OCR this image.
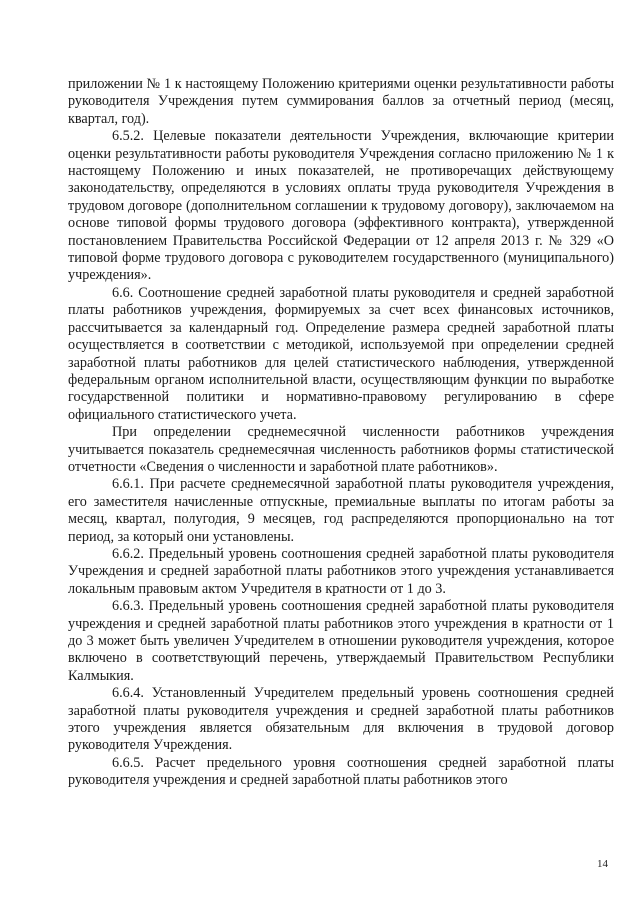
приложении № 1 к настоящему Положению критериями оценки результативности работы руководителя Учреждения путем суммирования баллов за отчетный период (месяц, квартал, год).

6.5.2. Целевые показатели деятельности Учреждения, включающие критерии оценки результативности работы руководителя Учреждения согласно приложению № 1 к настоящему Положению и иных показателей, не противоречащих действующему законодательству, определяются в условиях оплаты труда руководителя Учреждения в трудовом договоре (дополнительном соглашении к трудовому договору), заключаемом на основе типовой формы трудового договора (эффективного контракта), утвержденной постановлением Правительства Российской Федерации от 12 апреля 2013 г. № 329 «О типовой форме трудового договора с руководителем государственного (муниципального) учреждения».

6.6. Соотношение средней заработной платы руководителя и средней заработной платы работников учреждения, формируемых за счет всех финансовых источников, рассчитывается за календарный год. Определение размера средней заработной платы осуществляется в соответствии с методикой, используемой при определении средней заработной платы работников для целей статистического наблюдения, утвержденной федеральным органом исполнительной власти, осуществляющим функции по выработке государственной политики и нормативно-правовому регулированию в сфере официального статистического учета.

При определении среднемесячной численности работников учреждения учитывается показатель среднемесячная численность работников формы статистической отчетности «Сведения о численности и заработной плате работников».

6.6.1. При расчете среднемесячной заработной платы руководителя учреждения, его заместителя начисленные отпускные, премиальные выплаты по итогам работы за месяц, квартал, полугодия, 9 месяцев, год распределяются пропорционально на тот период, за который они установлены.

6.6.2. Предельный уровень соотношения средней заработной платы руководителя Учреждения и средней заработной платы работников этого учреждения устанавливается локальным правовым актом Учредителя в кратности от 1 до 3.

6.6.3. Предельный уровень соотношения средней заработной платы руководителя учреждения и средней заработной платы работников этого учреждения в кратности от 1 до 3 может быть увеличен Учредителем в отношении руководителя учреждения, которое включено в соответствующий перечень, утверждаемый Правительством Республики Калмыкия.

6.6.4. Установленный Учредителем предельный уровень соотношения средней заработной платы руководителя учреждения и средней заработной платы работников этого учреждения является обязательным для включения в трудовой договор руководителя Учреждения.

6.6.5. Расчет предельного уровня соотношения средней заработной платы руководителя учреждения и средней заработной платы работников этого

14
